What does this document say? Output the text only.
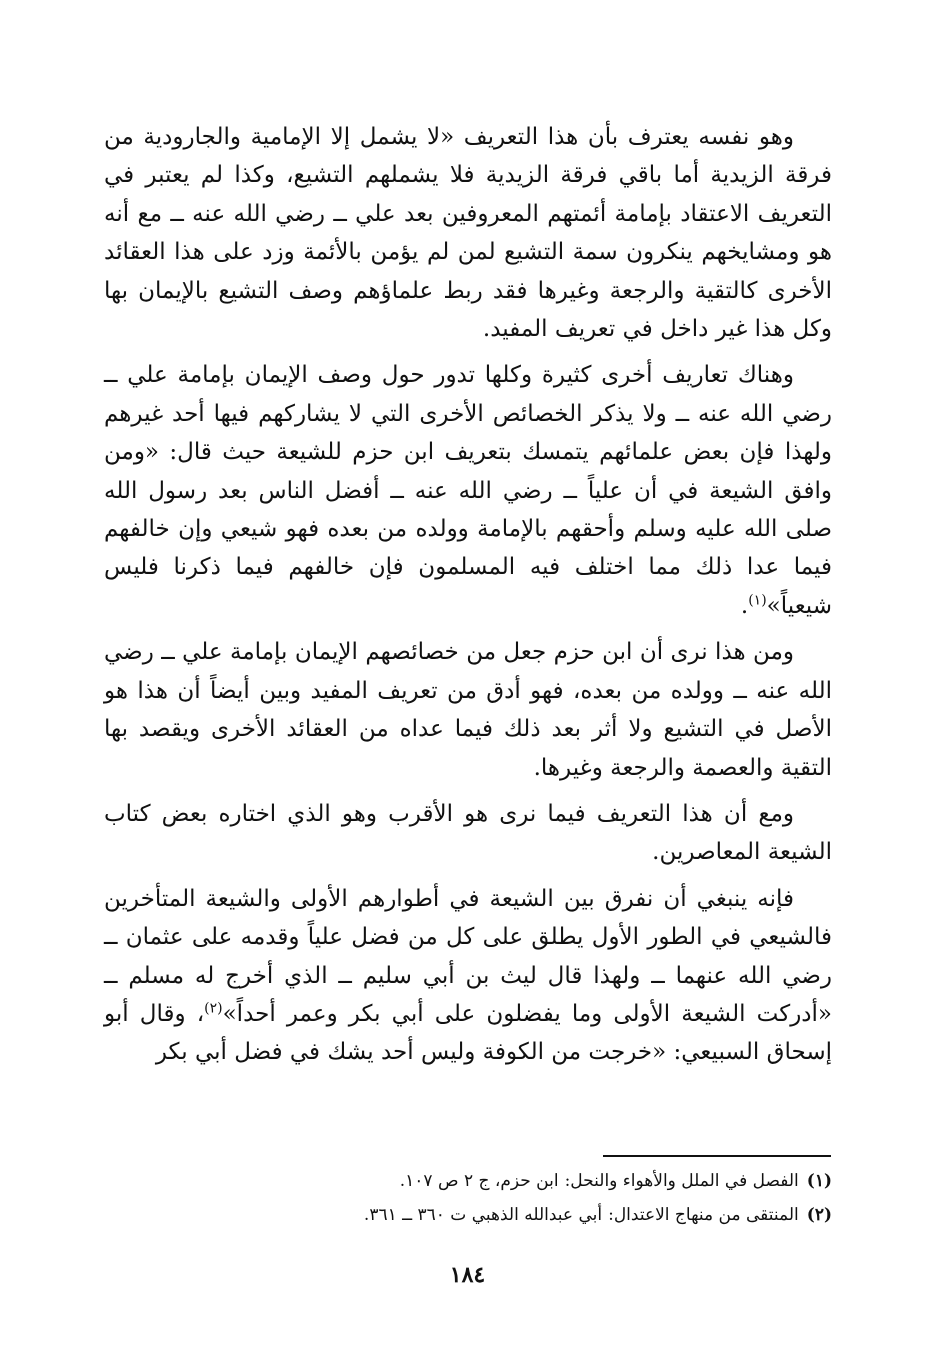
وهو نفسه يعترف بأن هذا التعريف «لا يشمل إلا الإمامية والجارودية من فرقة الزيدية أما باقي فرقة الزيدية فلا يشملهم التشيع، وكذا لم يعتبر في التعريف الاعتقاد بإمامة أئمتهم المعروفين بعد علي ــ رضي الله عنه ــ مع أنه هو ومشايخهم ينكرون سمة التشيع لمن لم يؤمن بالأئمة وزد على هذا العقائد الأخرى كالتقية والرجعة وغيرها فقد ربط علماؤهم وصف التشيع بالإيمان بها وكل هذا غير داخل في تعريف المفيد.

وهناك تعاريف أخرى كثيرة وكلها تدور حول وصف الإيمان بإمامة علي ــ رضي الله عنه ــ ولا يذكر الخصائص الأخرى التي لا يشاركهم فيها أحد غيرهم ولهذا فإن بعض علمائهم يتمسك بتعريف ابن حزم للشيعة حيث قال: «ومن وافق الشيعة في أن علياً ــ رضي الله عنه ــ أفضل الناس بعد رسول الله صلى الله عليه وسلم وأحقهم بالإمامة وولده من بعده فهو شيعي وإن خالفهم فيما عدا ذلك مما اختلف فيه المسلمون فإن خالفهم فيما ذكرنا فليس شيعياً»$^{(١)}$.

ومن هذا نرى أن ابن حزم جعل من خصائصهم الإيمان بإمامة علي ــ رضي الله عنه ــ وولده من بعده، فهو أدق من تعريف المفيد وبين أيضاً أن هذا هو الأصل في التشيع ولا أثر بعد ذلك فيما عداه من العقائد الأخرى ويقصد بها التقية والعصمة والرجعة وغيرها.

ومع أن هذا التعريف فيما نرى هو الأقرب وهو الذي اختاره بعض كتاب الشيعة المعاصرين.

فإنه ينبغي أن نفرق بين الشيعة في أطوارهم الأولى والشيعة المتأخرين فالشيعي في الطور الأول يطلق على كل من فضل علياً وقدمه على عثمان ــ رضي الله عنهما ــ ولهذا قال ليث بن أبي سليم ــ الذي أخرج له مسلم ــ «أدركت الشيعة الأولى وما يفضلون على أبي بكر وعمر أحداً»$^{(٢)}$، وقال أبو إسحاق السبيعي: «خرجت من الكوفة وليس أحد يشك في فضل أبي بكر

(١)الفصل في الملل والأهواء والنحل:ابن حزم، ج ٢ ص ١٠٧.
(٢)المنتقى من منهاج الاعتدال:أبي عبدالله الذهبي ت ٣٦٠ ــ ٣٦١.
١٨٤
